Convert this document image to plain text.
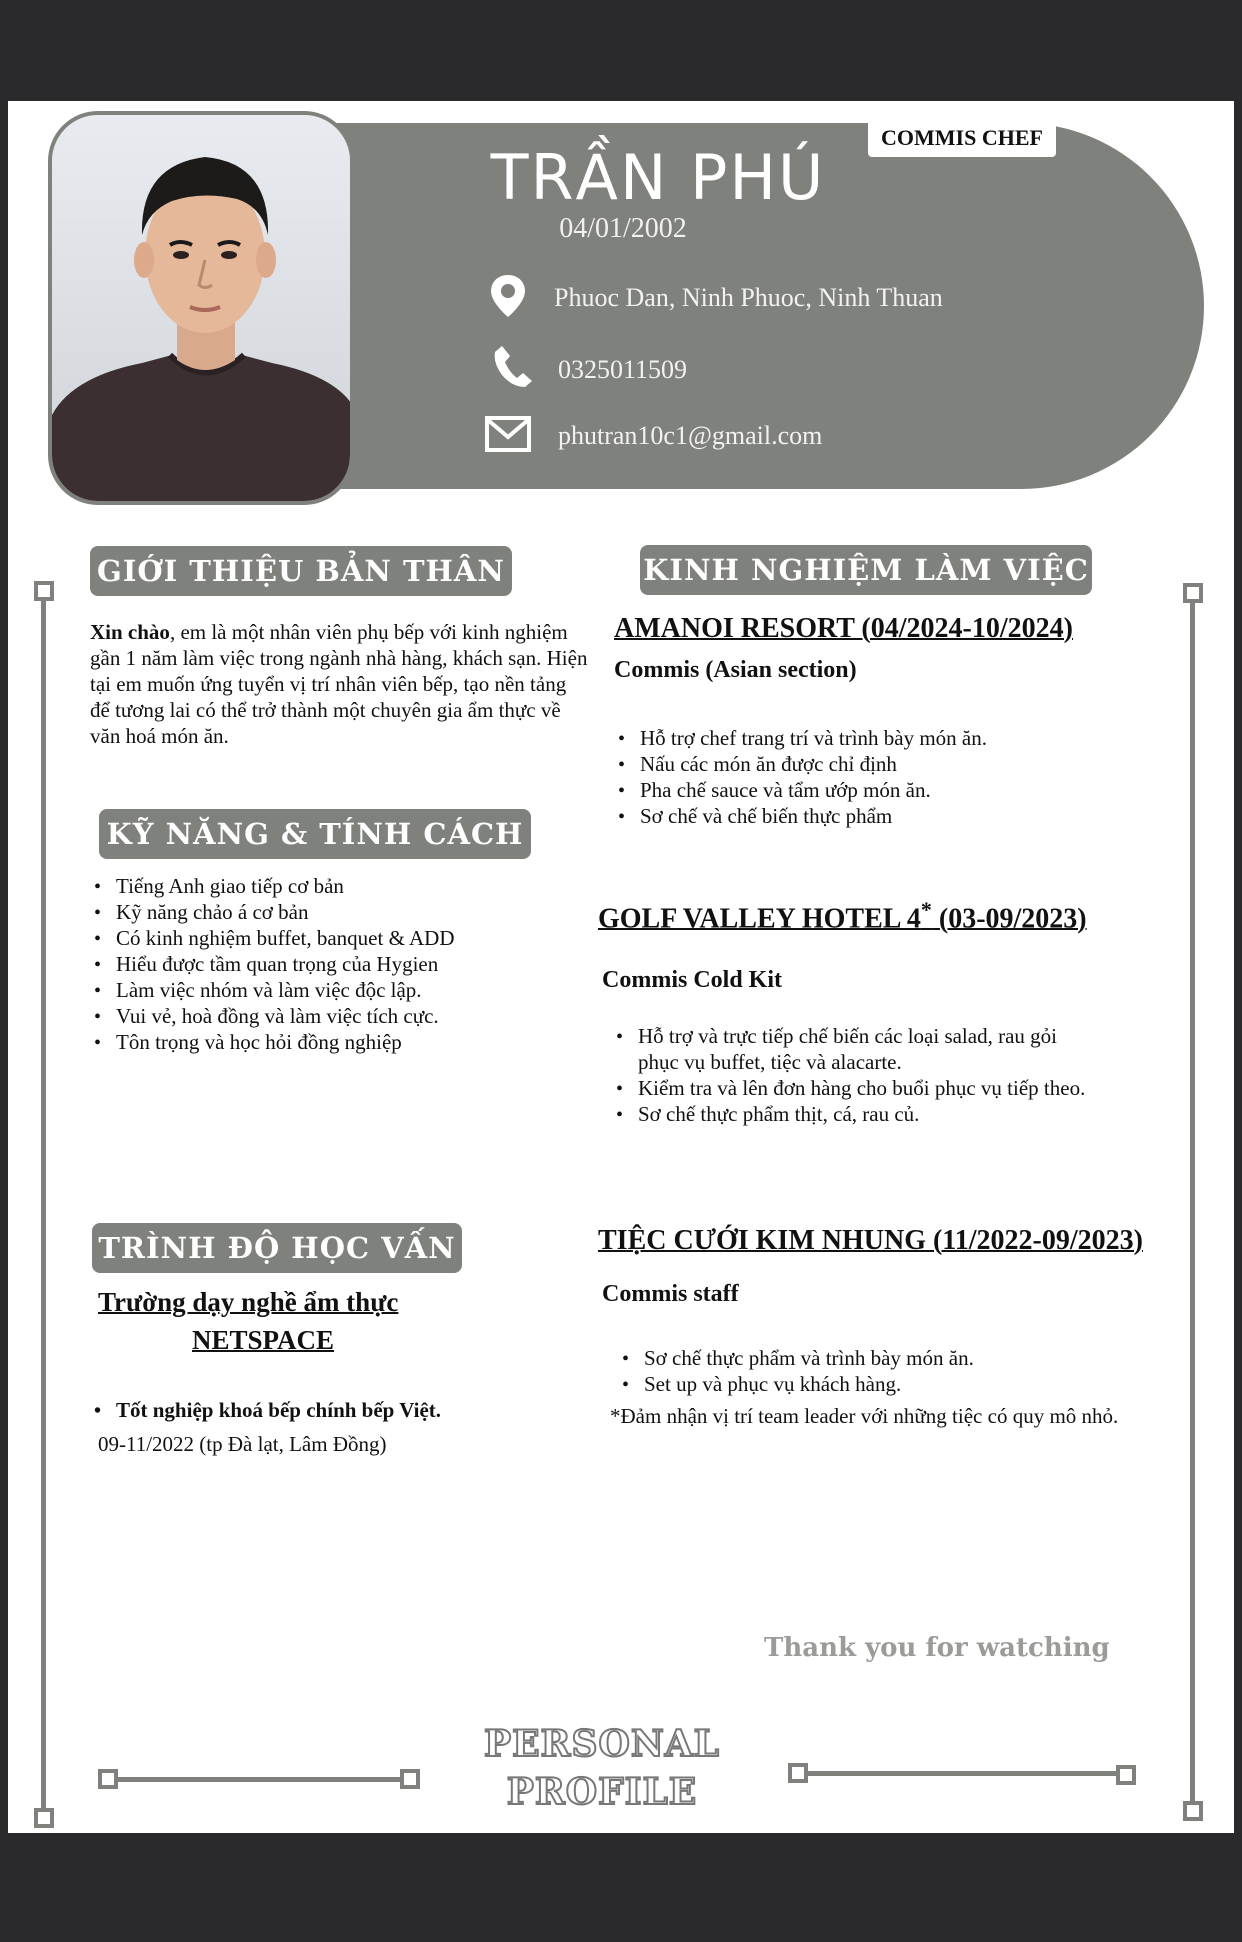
COMMIS CHEF
TRẦN PHÚ
04/01/2002
Phuoc Dan, Ninh Phuoc, Ninh Thuan
0325011509
phutran10c1@gmail.com
GIỚI THIỆU BẢN THÂN
Xin chào, em là một nhân viên phụ bếp với kinh nghiệm gần 1 năm làm việc trong ngành nhà hàng, khách sạn. Hiện tại em muốn ứng tuyển vị trí nhân viên bếp, tạo nền tảng để tương lai có thể trở thành một chuyên gia ẩm thực về văn hoá món ăn.
KỸ NĂNG & TÍNH CÁCH
• Tiếng Anh giao tiếp cơ bản
• Kỹ năng chảo á cơ bản
• Có kinh nghiệm buffet, banquet & ADD
• Hiểu được tầm quan trọng của Hygien
• Làm việc nhóm và làm việc độc lập.
• Vui vẻ, hoà đồng và làm việc tích cực.
• Tôn trọng và học hỏi đồng nghiệp
TRÌNH ĐỘ HỌC VẤN
Trường dạy nghề ẩm thực
NETSPACE
• Tốt nghiệp khoá bếp chính bếp Việt.
09-11/2022 (tp Đà lạt, Lâm Đồng)
KINH NGHIỆM LÀM VIỆC
AMANOI RESORT (04/2024-10/2024)
Commis (Asian section)
• Hỗ trợ chef trang trí và trình bày món ăn.
• Nấu các món ăn được chỉ định
• Pha chế sauce và tẩm ướp món ăn.
• Sơ chế và chế biến thực phẩm
GOLF VALLEY HOTEL 4* (03-09/2023)
Commis Cold Kit
• Hỗ trợ và trực tiếp chế biến các loại salad, rau gỏi phục vụ buffet, tiệc và alacarte.
• Kiểm tra và lên đơn hàng cho buổi phục vụ tiếp theo.
• Sơ chế thực phẩm thịt, cá, rau củ.
TIỆC CƯỚI KIM NHUNG (11/2022-09/2023)
Commis staff
• Sơ chế thực phẩm và trình bày món ăn.
• Set up và phục vụ khách hàng.
*Đảm nhận vị trí team leader với những tiệc có quy mô nhỏ.
Thank you for watching
PERSONAL
PROFILE
